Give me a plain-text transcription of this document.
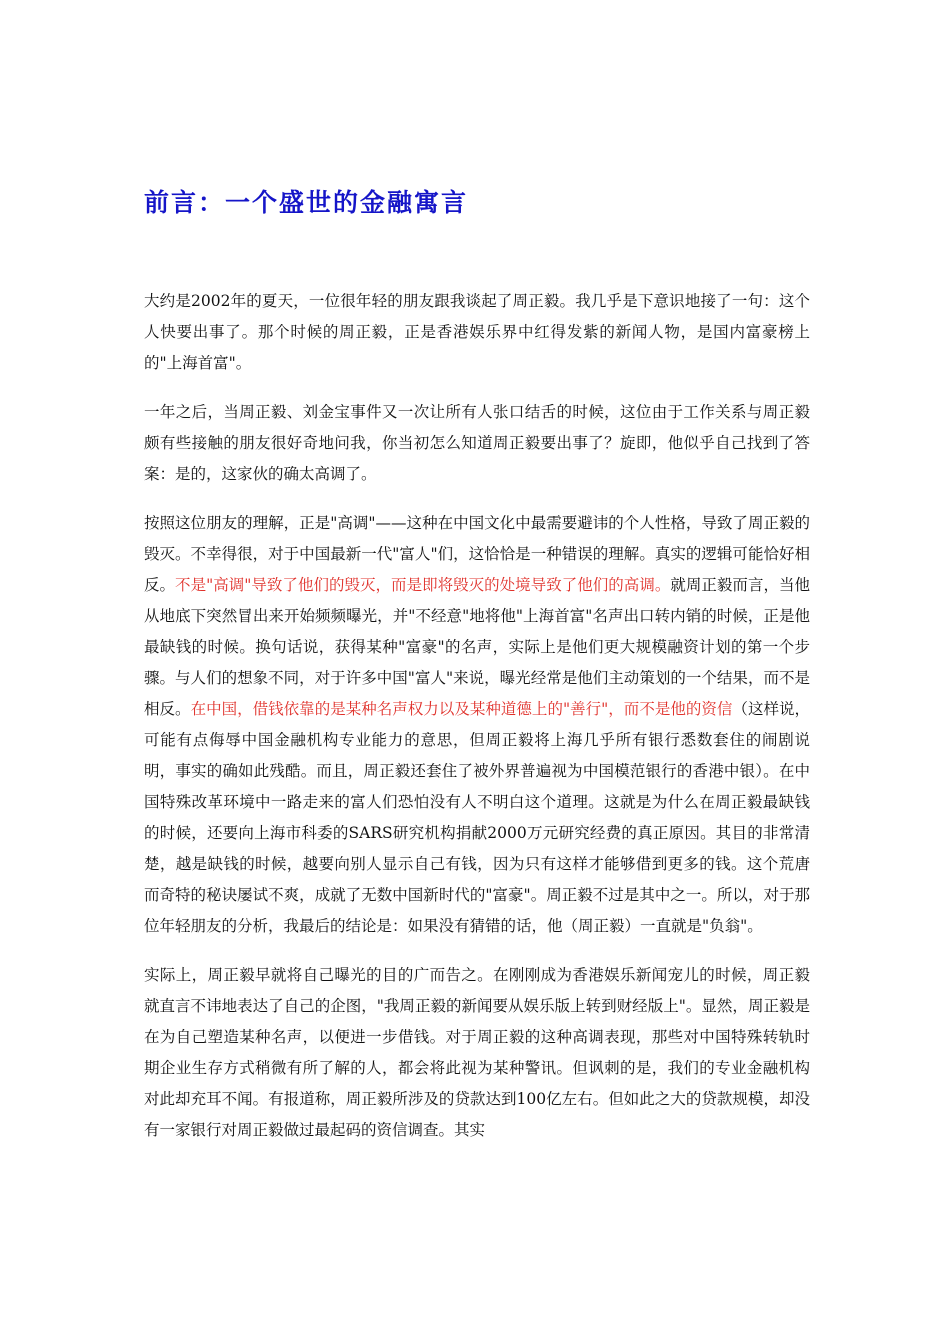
前言：一个盛世的金融寓言

大约是2002年的夏天，一位很年轻的朋友跟我谈起了周正毅。我几乎是下意识地接了一句：这个人快要出事了。那个时候的周正毅，正是香港娱乐界中红得发紫的新闻人物，是国内富豪榜上的"上海首富"。

一年之后，当周正毅、刘金宝事件又一次让所有人张口结舌的时候，这位由于工作关系与周正毅颇有些接触的朋友很好奇地问我，你当初怎么知道周正毅要出事了？旋即，他似乎自己找到了答案：是的，这家伙的确太高调了。

按照这位朋友的理解，正是"高调"——这种在中国文化中最需要避讳的个人性格，导致了周正毅的毁灭。不幸得很，对于中国最新一代"富人"们，这恰恰是一种错误的理解。真实的逻辑可能恰好相反。不是"高调"导致了他们的毁灭，而是即将毁灭的处境导致了他们的高调。就周正毅而言，当他从地底下突然冒出来开始频频曝光，并"不经意"地将他"上海首富"名声出口转内销的时候，正是他最缺钱的时候。换句话说，获得某种"富豪"的名声，实际上是他们更大规模融资计划的第一个步骤。与人们的想象不同，对于许多中国"富人"来说，曝光经常是他们主动策划的一个结果，而不是相反。在中国，借钱依靠的是某种名声权力以及某种道德上的"善行"，而不是他的资信（这样说，可能有点侮辱中国金融机构专业能力的意思，但周正毅将上海几乎所有银行悉数套住的闹剧说明，事实的确如此残酷。而且，周正毅还套住了被外界普遍视为中国模范银行的香港中银）。在中国特殊改革环境中一路走来的富人们恐怕没有人不明白这个道理。这就是为什么在周正毅最缺钱的时候，还要向上海市科委的SARS研究机构捐献2000万元研究经费的真正原因。其目的非常清楚，越是缺钱的时候，越要向别人显示自己有钱，因为只有这样才能够借到更多的钱。这个荒唐而奇特的秘诀屡试不爽，成就了无数中国新时代的"富豪"。周正毅不过是其中之一。所以，对于那位年轻朋友的分析，我最后的结论是：如果没有猜错的话，他（周正毅）一直就是"负翁"。

实际上，周正毅早就将自己曝光的目的广而告之。在刚刚成为香港娱乐新闻宠儿的时候，周正毅就直言不讳地表达了自己的企图，"我周正毅的新闻要从娱乐版上转到财经版上"。显然，周正毅是在为自己塑造某种名声，以便进一步借钱。对于周正毅的这种高调表现，那些对中国特殊转轨时期企业生存方式稍微有所了解的人，都会将此视为某种警讯。但讽刺的是，我们的专业金融机构对此却充耳不闻。有报道称，周正毅所涉及的贷款达到100亿左右。但如此之大的贷款规模，却没有一家银行对周正毅做过最起码的资信调查。其实
